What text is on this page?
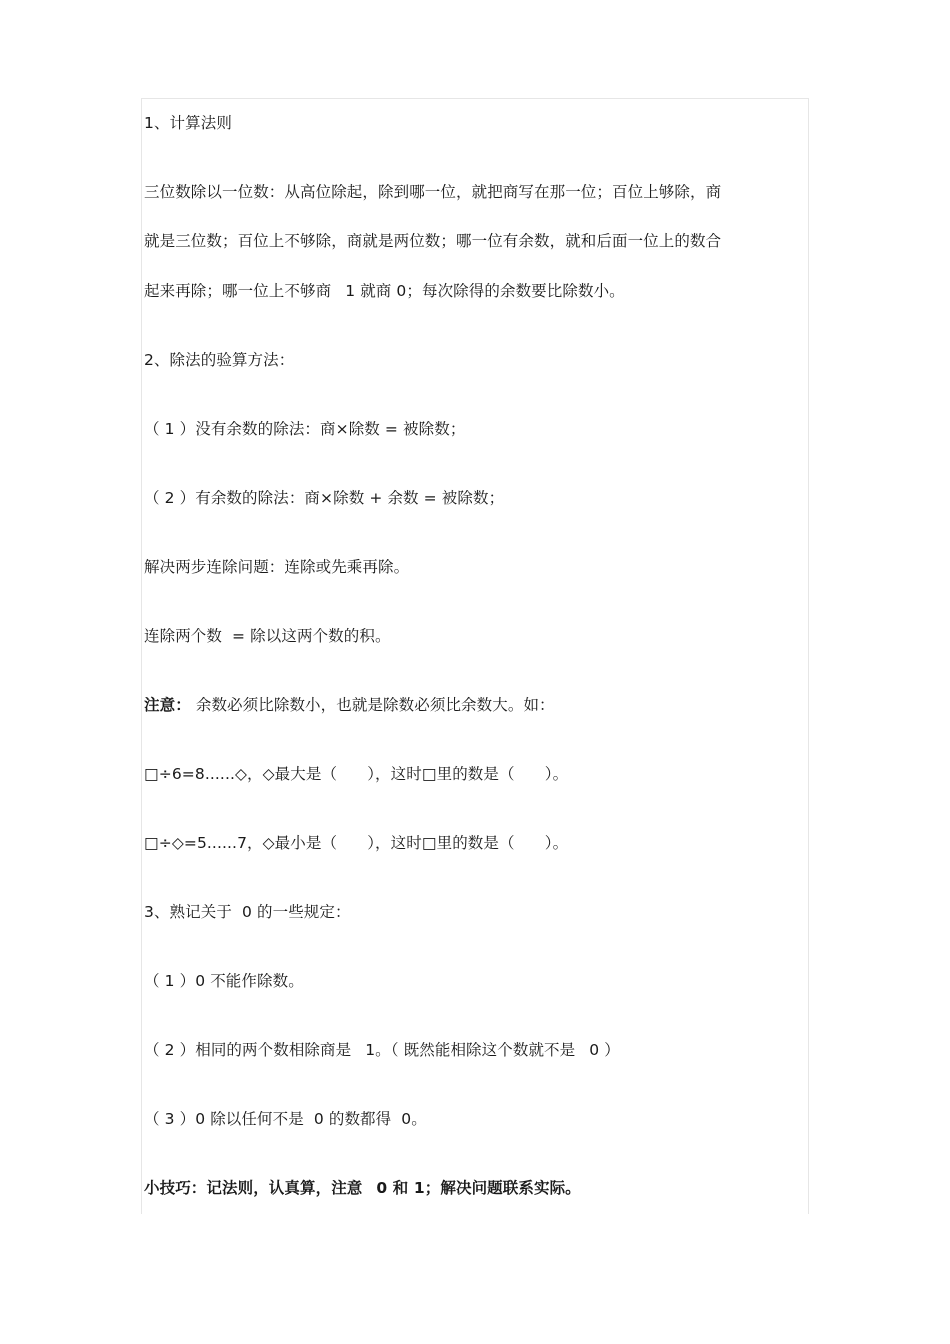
1、计算法则
三位数除以一位数：从高位除起，除到哪一位，就把商写在那一位；百位上够除，商
就是三位数；百位上不够除，商就是两位数；哪一位有余数，就和后面一位上的数合
起来再除；哪一位上不够商 1 就商 0；每次除得的余数要比除数小。
2、除法的验算方法：
（ 1 ）没有余数的除法：商×除数 = 被除数；
（ 2 ）有余数的除法：商×除数 + 余数 = 被除数；
解决两步连除问题：连除或先乘再除。
连除两个数  = 除以这两个数的积。
注意： 余数必须比除数小，也就是除数必须比余数大。如：
□÷6=8......◇，◇最大是（      ），这时□里的数是（      ）。
□÷◇=5......7，◇最小是（      ），这时□里的数是（      ）。
3、熟记关于  0 的一些规定：
（ 1 ）0 不能作除数。
（ 2 ）相同的两个数相除商是 1。（ 既然能相除这个数就不是 0 ）
（ 3 ）0 除以任何不是  0 的数都得  0。
小技巧：记法则，认真算，注意 0 和 1；解决问题联系实际。
